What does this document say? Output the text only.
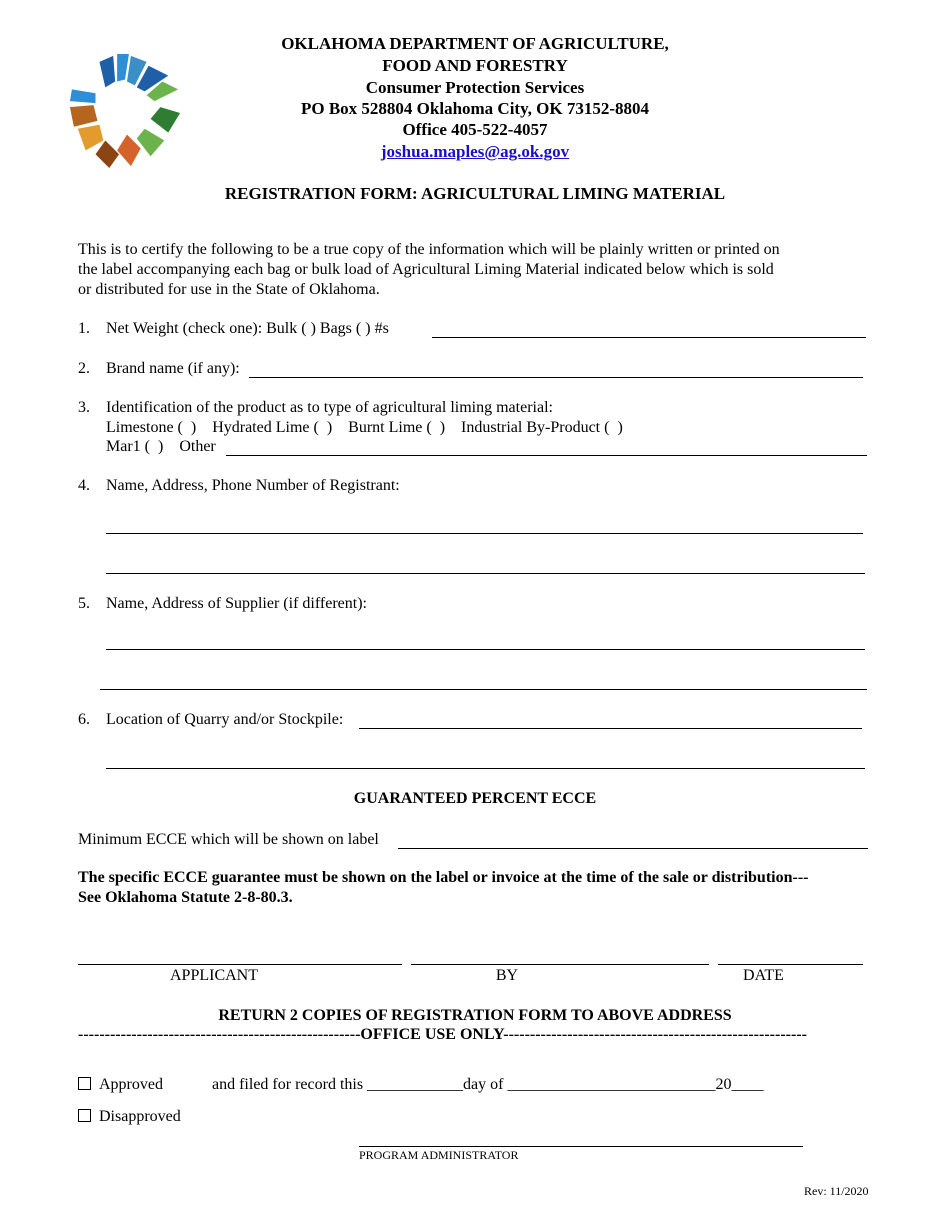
OKLAHOMA DEPARTMENT OF AGRICULTURE,
FOOD AND FORESTRY
Consumer Protection Services
PO Box 528804 Oklahoma City, OK 73152-8804
Office 405-522-4057
joshua.maples@ag.ok.gov
REGISTRATION FORM: AGRICULTURAL LIMING MATERIAL
This is to certify the following to be a true copy of the information which will be plainly written or printed on
the label accompanying each bag or bulk load of Agricultural Liming Material indicated below which is sold
or distributed for use in the State of Oklahoma.
1. Net Weight (check one): Bulk ( ) Bags ( ) #s
2. Brand name (if any):
3. Identification of the product as to type of agricultural liming material:
Limestone (  )    Hydrated Lime (  )    Burnt Lime (  )    Industrial By-Product (  )
Mar1 (  )    Other
4. Name, Address, Phone Number of Registrant:
5. Name, Address of Supplier (if different):
6. Location of Quarry and/or Stockpile:
GUARANTEED PERCENT ECCE
Minimum ECCE which will be shown on label
The specific ECCE guarantee must be shown on the label or invoice at the time of the sale or distribution---
See Oklahoma Statute 2-8-80.3.
APPLICANT	BY	DATE
RETURN 2 COPIES OF REGISTRATION FORM TO ABOVE ADDRESS
-----------------------------------------------------OFFICE USE ONLY---------------------------------------------------------
Approved	and filed for record this ____________day of __________________________20____
Disapproved
PROGRAM ADMINISTRATOR
Rev: 11/2020
